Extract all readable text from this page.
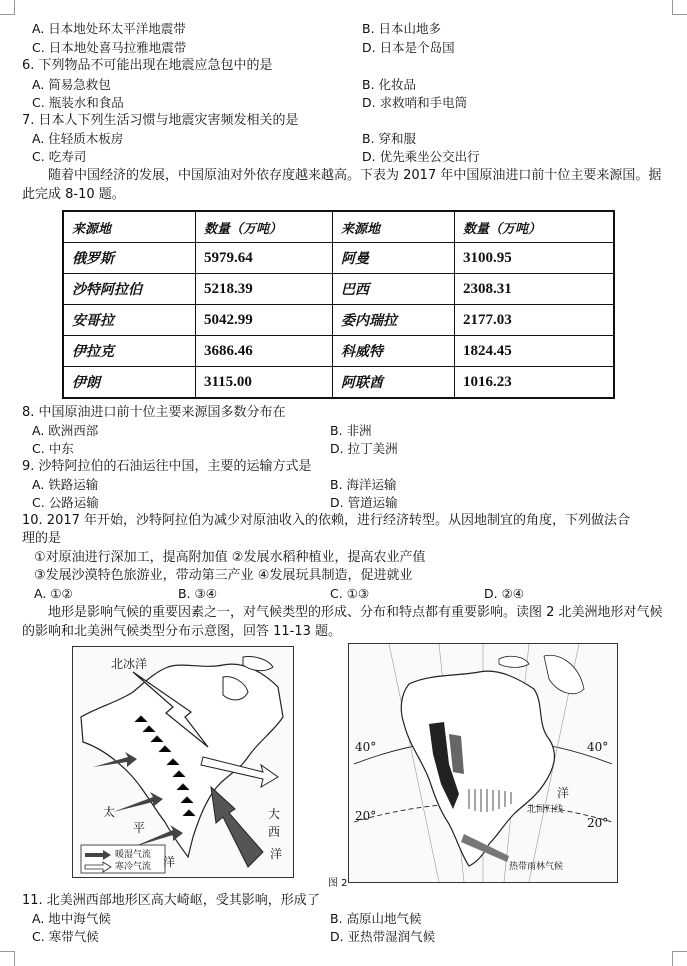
A. 日本地处环太平洋地震带	B. 日本山地多
C. 日本地处喜马拉雅地震带	D. 日本是个岛国
6. 下列物品不可能出现在地震应急包中的是
A. 简易急救包	B. 化妆品
C. 瓶装水和食品	D. 求救哨和手电筒
7. 日本人下列生活习惯与地震灾害频发相关的是
A. 住轻质木板房	B. 穿和服
C. 吃寿司	D. 优先乘坐公交出行
随着中国经济的发展，中国原油对外依存度越来越高。下表为 2017 年中国原油进口前十位主要来源国。据此完成 8-10 题。
来源地	数量（万吨）	来源地	数量（万吨）
俄罗斯	5979.64	阿曼	3100.95
沙特阿拉伯	5218.39	巴西	2308.31
安哥拉	5042.99	委内瑞拉	2177.03
伊拉克	3686.46	科威特	1824.45
伊朗	3115.00	阿联酋	1016.23
8. 中国原油进口前十位主要来源国多数分布在
A. 欧洲西部	B. 非洲
C. 中东	D. 拉丁美洲
9. 沙特阿拉伯的石油运往中国，主要的运输方式是
A. 铁路运输	B. 海洋运输
C. 公路运输	D. 管道运输
10. 2017 年开始，沙特阿拉伯为减少对原油收入的依赖，进行经济转型。从因地制宜的角度，下列做法合
理的是
①对原油进行深加工，提高附加值 ②发展水稻种植业，提高农业产值
③发展沙漠特色旅游业，带动第三产业 ④发展玩具制造，促进就业
A. ①②	B. ③④	C. ①③	D. ②④
地形是影响气候的重要因素之一，对气候类型的形成、分布和特点都有重要影响。读图 2 北美洲地形对气候的影响和北美洲气候类型分布示意图，回答 11-13 题。
北冰洋
太
平
洋
大
西
洋
暖湿气流
寒冷气流
40°	40°
20°	20°
北回归线
洋
热带雨林气候
图 2
11. 北美洲西部地形区高大崎岖，受其影响，形成了
A. 地中海气候	B. 高原山地气候
C. 寒带气候	D. 亚热带湿润气候
